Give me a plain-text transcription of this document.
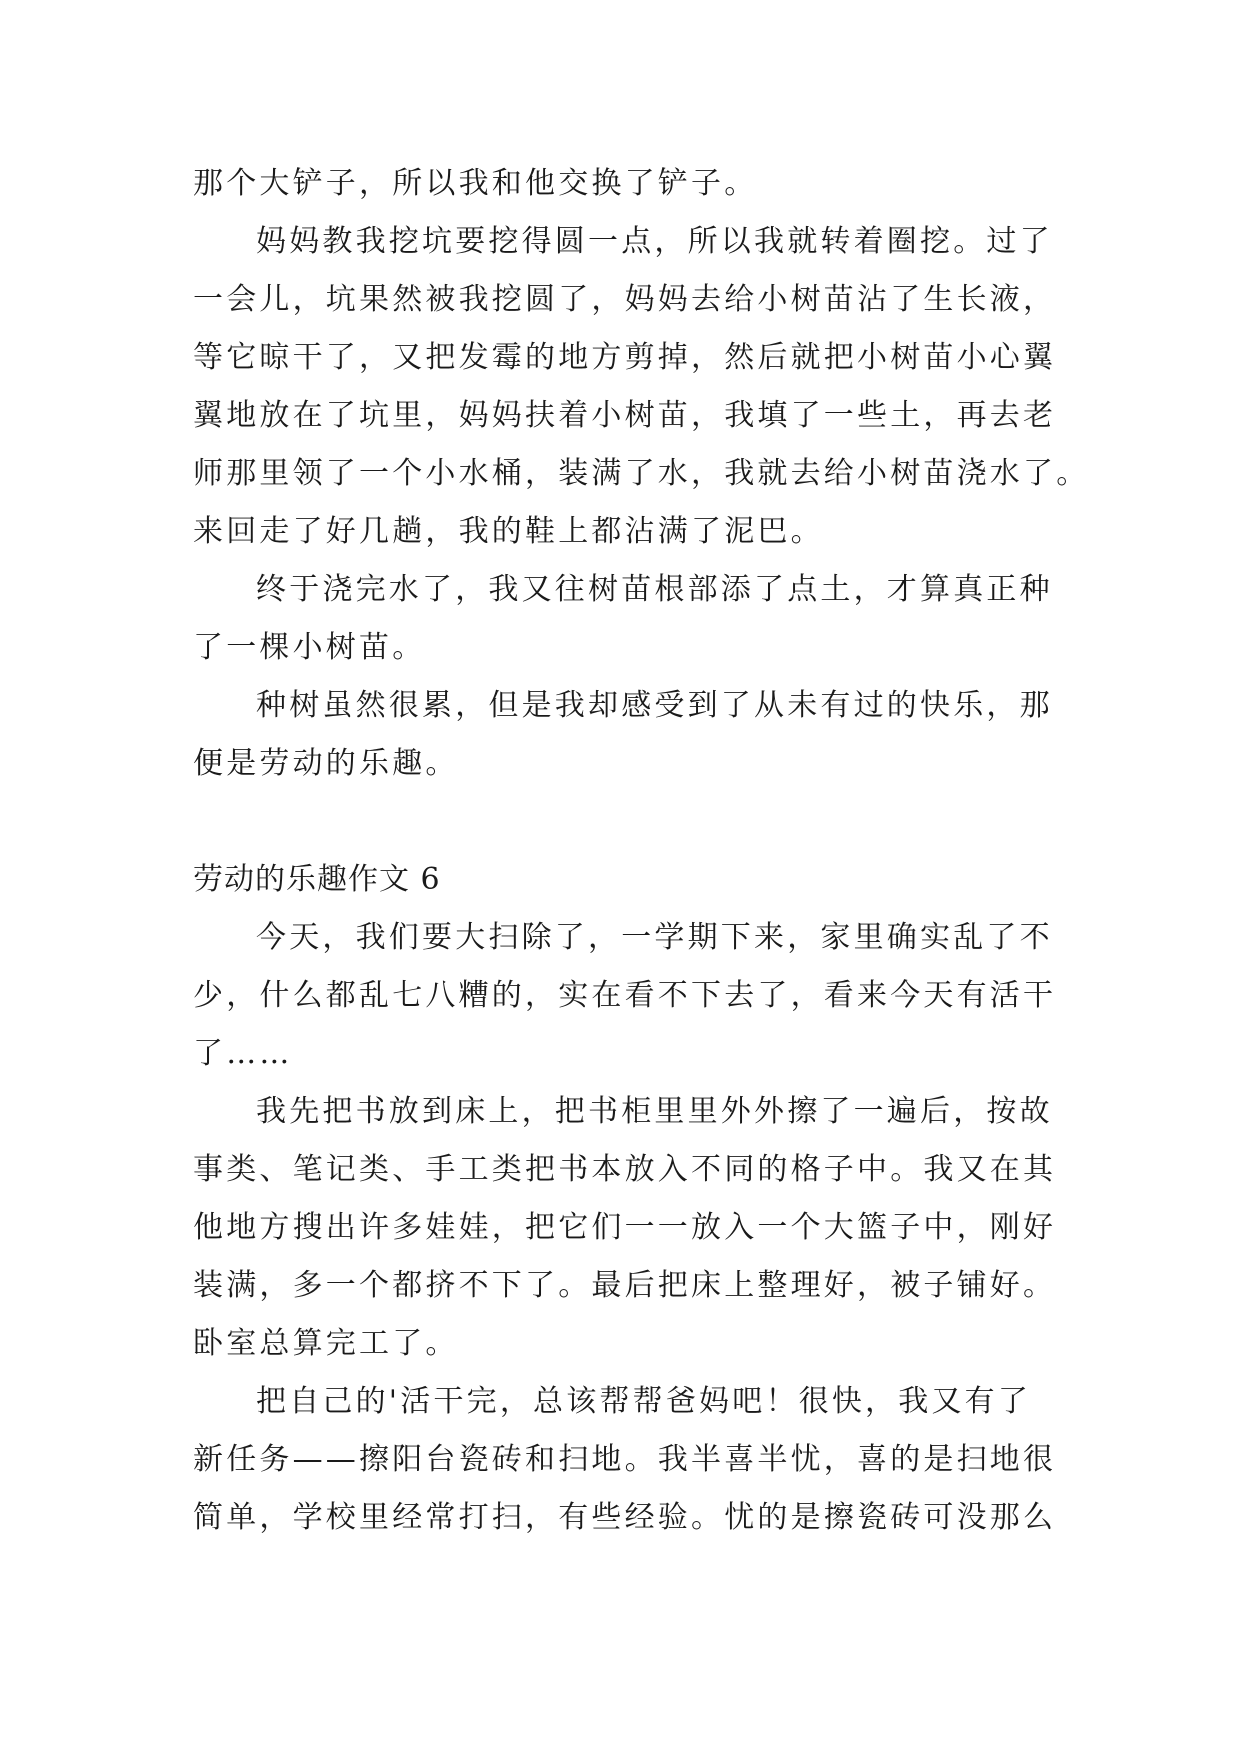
那个大铲子，所以我和他交换了铲子。
妈妈教我挖坑要挖得圆一点，所以我就转着圈挖。过了
一会儿，坑果然被我挖圆了，妈妈去给小树苗沾了生长液，
等它晾干了，又把发霉的地方剪掉，然后就把小树苗小心翼
翼地放在了坑里，妈妈扶着小树苗，我填了一些土，再去老
师那里领了一个小水桶，装满了水，我就去给小树苗浇水了。
来回走了好几趟，我的鞋上都沾满了泥巴。
终于浇完水了，我又往树苗根部添了点土，才算真正种
了一棵小树苗。
种树虽然很累，但是我却感受到了从未有过的快乐，那
便是劳动的乐趣。
劳动的乐趣作文 6
今天，我们要大扫除了，一学期下来，家里确实乱了不
少，什么都乱七八糟的，实在看不下去了，看来今天有活干
了……
我先把书放到床上，把书柜里里外外擦了一遍后，按故
事类、笔记类、手工类把书本放入不同的格子中。我又在其
他地方搜出许多娃娃，把它们一一放入一个大篮子中，刚好
装满，多一个都挤不下了。最后把床上整理好，被子铺好。
卧室总算完工了。
把自己的'活干完，总该帮帮爸妈吧！很快，我又有了
新任务——擦阳台瓷砖和扫地。我半喜半忧，喜的是扫地很
简单，学校里经常打扫，有些经验。忧的是擦瓷砖可没那么
